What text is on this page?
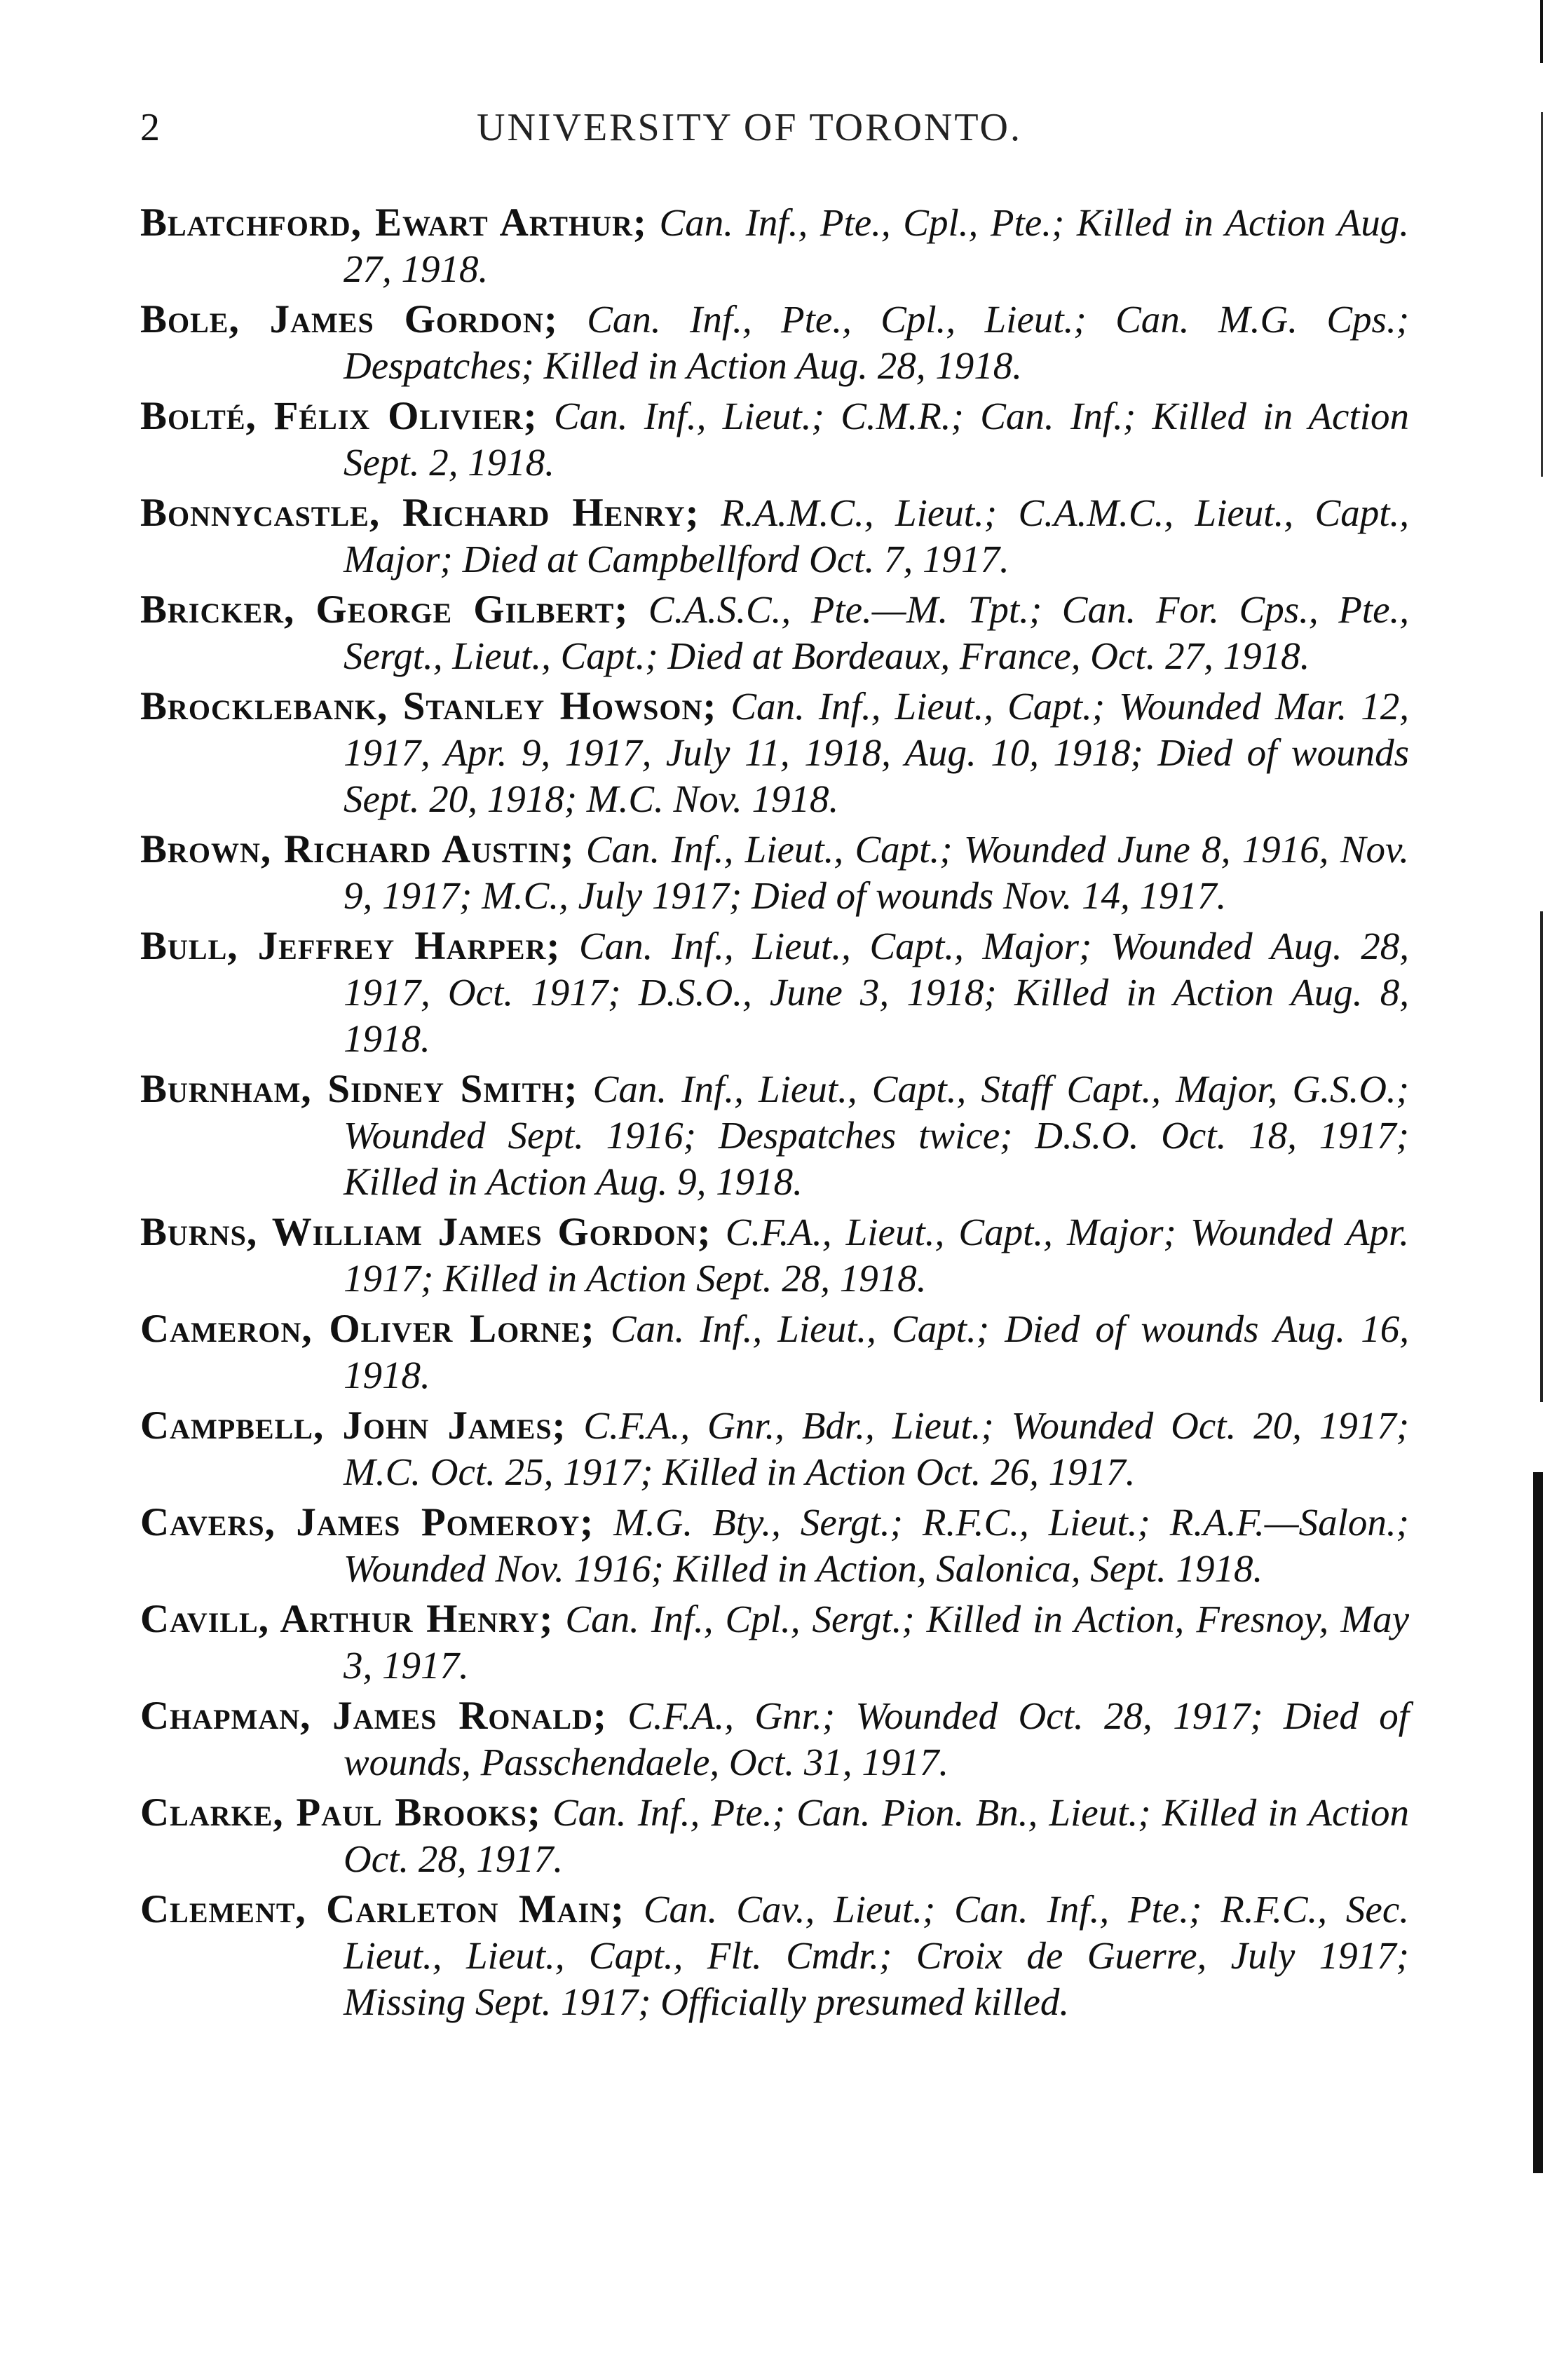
2	UNIVERSITY OF TORONTO.

Blatchford, Ewart Arthur; Can. Inf., Pte., Cpl., Pte.; Killed in Action Aug. 27, 1918.

Bole, James Gordon; Can. Inf., Pte., Cpl., Lieut.; Can. M.G. Cps.; Despatches; Killed in Action Aug. 28, 1918.

Bolté, Félix Olivier; Can. Inf., Lieut.; C.M.R.; Can. Inf.; Killed in Action Sept. 2, 1918.

Bonnycastle, Richard Henry; R.A.M.C., Lieut.; C.A.M.C., Lieut., Capt., Major; Died at Campbellford Oct. 7, 1917.

Bricker, George Gilbert; C.A.S.C., Pte.—M. Tpt.; Can. For. Cps., Pte., Sergt., Lieut., Capt.; Died at Bordeaux, France, Oct. 27, 1918.

Brocklebank, Stanley Howson; Can. Inf., Lieut., Capt.; Wounded Mar. 12, 1917, Apr. 9, 1917, July 11, 1918, Aug. 10, 1918; Died of wounds Sept. 20, 1918; M.C. Nov. 1918.

Brown, Richard Austin; Can. Inf., Lieut., Capt.; Wounded June 8, 1916, Nov. 9, 1917; M.C., July 1917; Died of wounds Nov. 14, 1917.

Bull, Jeffrey Harper; Can. Inf., Lieut., Capt., Major; Wounded Aug. 28, 1917, Oct. 1917; D.S.O., June 3, 1918; Killed in Action Aug. 8, 1918.

Burnham, Sidney Smith; Can. Inf., Lieut., Capt., Staff Capt., Major, G.S.O.; Wounded Sept. 1916; Despatches twice; D.S.O. Oct. 18, 1917; Killed in Action Aug. 9, 1918.

Burns, William James Gordon; C.F.A., Lieut., Capt., Major; Wounded Apr. 1917; Killed in Action Sept. 28, 1918.

Cameron, Oliver Lorne; Can. Inf., Lieut., Capt.; Died of wounds Aug. 16, 1918.

Campbell, John James; C.F.A., Gnr., Bdr., Lieut.; Wounded Oct. 20, 1917; M.C. Oct. 25, 1917; Killed in Action Oct. 26, 1917.

Cavers, James Pomeroy; M.G. Bty., Sergt.; R.F.C., Lieut.; R.A.F.—Salon.; Wounded Nov. 1916; Killed in Action, Salonica, Sept. 1918.

Cavill, Arthur Henry; Can. Inf., Cpl., Sergt.; Killed in Action, Fresnoy, May 3, 1917.

Chapman, James Ronald; C.F.A., Gnr.; Wounded Oct. 28, 1917; Died of wounds, Passchendaele, Oct. 31, 1917.

Clarke, Paul Brooks; Can. Inf., Pte.; Can. Pion. Bn., Lieut.; Killed in Action Oct. 28, 1917.

Clement, Carleton Main; Can. Cav., Lieut.; Can. Inf., Pte.; R.F.C., Sec. Lieut., Lieut., Capt., Flt. Cmdr.; Croix de Guerre, July 1917; Missing Sept. 1917; Officially presumed killed.
